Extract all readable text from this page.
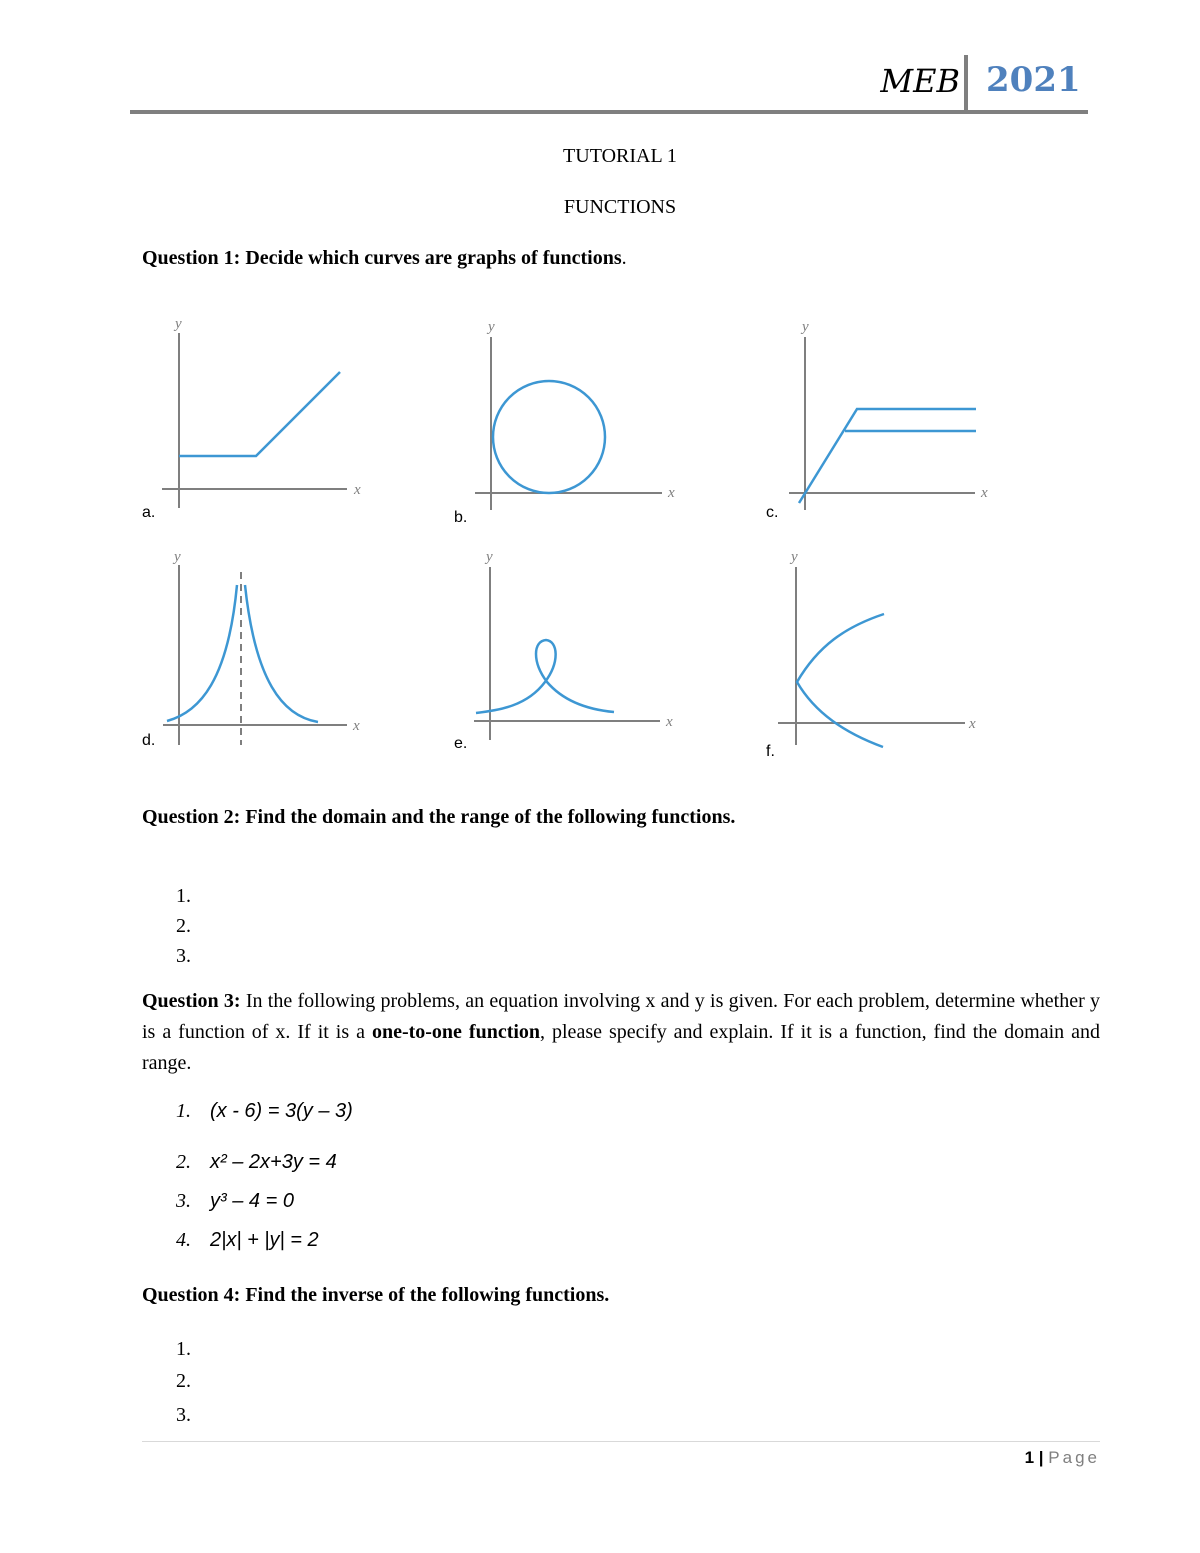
MEB 2021
TUTORIAL 1
FUNCTIONS
Question 1: Decide which curves are graphs of functions.
y
x
y
x
y
x
y
x
y
x
y
x
a.	b.	c.
d.	e.	f.
Question 2: Find the domain and the range of the following functions.
1.
2.
3.
Question 3: In the following problems, an equation involving x and y is given. For each problem, determine whether y is a function of x. If it is a one-to-one function, please specify and explain. If it is a function, find the domain and range.
1. (x - 6) = 3(y – 3)
2. x² – 2x+3y = 4
3. y³ – 4 = 0
4. 2|x| + |y| = 2
Question 4: Find the inverse of the following functions.
1.
2.
3.
1 | Page
